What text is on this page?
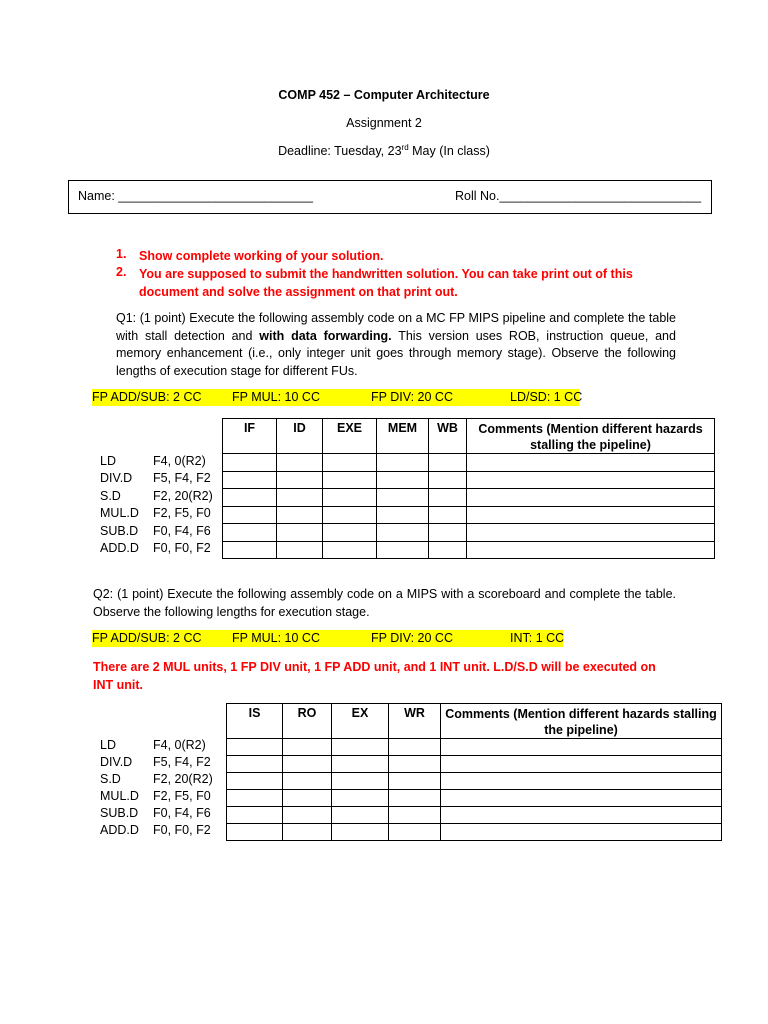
COMP 452 – Computer Architecture
Assignment 2
Deadline: Tuesday, 23rd May (In class)
Name: ____________________________	Roll No._____________________________
1. Show complete working of your solution.
2. You are supposed to submit the handwritten solution. You can take print out of this document and solve the assignment on that print out.
Q1: (1 point) Execute the following assembly code on a MC FP MIPS pipeline and complete the table with stall detection and with data forwarding. This version uses ROB, instruction queue, and memory enhancement (i.e., only integer unit goes through memory stage). Observe the following lengths of execution stage for different FUs.
FP ADD/SUB: 2 CC FP MUL: 10 CC	FP DIV: 20 CC	LD/SD: 1 CC
IF	ID	EXE	MEM	WB	Comments (Mention different hazards stalling the pipeline)

LD	F4, 0(R2)
DIV.D F5, F4, F2
S.D	F2, 20(R2)
MUL.D F2, F5, F0
SUB.D F0, F4, F6
ADD.D F0, F0, F2
Q2: (1 point) Execute the following assembly code on a MIPS with a scoreboard and complete the table. Observe the following lengths for execution stage.
FP ADD/SUB: 2 CC FP MUL: 10 CC	FP DIV: 20 CC	INT: 1 CC
There are 2 MUL units, 1 FP DIV unit, 1 FP ADD unit, and 1 INT unit. L.D/S.D will be executed on INT unit.
IS	RO	EX	WR	Comments (Mention different hazards stalling the pipeline)

LD	F4, 0(R2)
DIV.D F5, F4, F2
S.D	F2, 20(R2)
MUL.D F2, F5, F0
SUB.D F0, F4, F6
ADD.D F0, F0, F2
